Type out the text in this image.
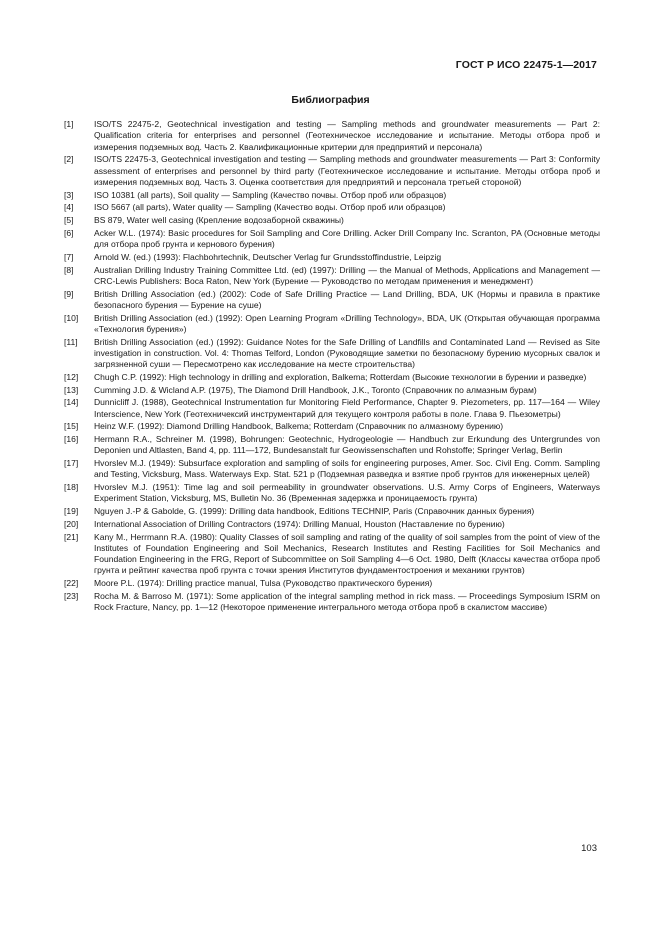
ГОСТ Р ИСО 22475-1—2017
Библиография
[1]	ISO/TS 22475-2, Geotechnical investigation and testing — Sampling methods and groundwater measurements — Part 2: Qualification criteria for enterprises and personnel (Геотехническое исследование и испытание. Методы отбора проб и измерения подземных вод. Часть 2. Квалификационные критерии для предприятий и персонала)
[2]	ISO/TS 22475-3, Geotechnical investigation and testing — Sampling methods and groundwater measurements — Part 3: Conformity assessment of enterprises and personnel by third party (Геотехническое исследование и испытание. Методы отбора проб и измерения подземных вод. Часть 3. Оценка соответствия для предприятий и персонала третьей стороной)
[3]	ISO 10381 (all parts), Soil quality — Sampling (Качество почвы. Отбор проб или образцов)
[4]	ISO 5667 (all parts), Water quality — Sampling (Качество воды. Отбор проб или образцов)
[5]	BS 879, Water well casing (Крепление водозаборной скважины)
[6]	Acker W.L. (1974): Basic procedures for Soil Sampling and Core Drilling. Acker Drill Company Inc. Scranton, PA (Основные методы для отбора проб грунта и кернового бурения)
[7]	Arnold W. (ed.) (1993): Flachbohrtechnik, Deutscher Verlag fur Grundsstoffindustrie, Leipzig
[8]	Australian Drilling Industry Training Committee Ltd. (ed) (1997): Drilling — the Manual of Methods, Applications and Management — CRC-Lewis Publishers: Boca Raton, New York (Бурение — Руководство по методам применения и менеджмент)
[9]	British Drilling Association (ed.) (2002): Code of Safe Drilling Practice — Land Drilling, BDA, UK (Нормы и правила в практике безопасного бурения — Бурение на суше)
[10]	British Drilling Association (ed.) (1992): Open Learning Program «Drilling Technology», BDA, UK (Открытая обучающая программа «Технология бурения»)
[11]	British Drilling Association (ed.) (1992): Guidance Notes for the Safe Drilling of Landfills and Contaminated Land — Revised as Site investigation in construction. Vol. 4: Thomas Telford, London (Руководящие заметки по безопасному бурению мусорных свалок и загрязненной суши — Пересмотрено как исследование на месте строительства)
[12]	Chugh C.P. (1992): High technology in drilling and exploration, Balkema; Rotterdam (Высокие технологии в бурении и разведке)
[13]	Cumming J.D. & Wicland A.P. (1975), The Diamond Drill Handbook, J.K., Toronto (Справочник по алмазным бурам)
[14]	Dunnicliff J. (1988), Geotechnical Instrumentation fur Monitoring Field Performance, Chapter 9. Piezometers, pp. 117—164 — Wiley Interscience, New York (Геотехничексий инструментарий для текущего контроля работы в поле. Глава 9. Пьезометры)
[15]	Heinz W.F. (1992): Diamond Drilling Handbook, Balkema; Rotterdam (Справочник по алмазному бурению)
[16]	Hermann R.A., Schreiner M. (1998), Bohrungen: Geotechnic, Hydrogeologie — Handbuch zur Erkundung des Untergrundes von Deponien und Altlasten, Band 4, pp. 111—172, Bundesanstalt fur Geowissenschaften und Rohstoffe; Springer Verlag, Berlin
[17]	Hvorslev M.J. (1949): Subsurface exploration and sampling of soils for engineering purposes, Amer. Soc. Civil Eng. Comm. Sampling and Testing, Vicksburg, Mass. Waterways Exp. Stat. 521 p (Подземная разведка и взятие проб грунтов для инженерных целей)
[18]	Hvorslev M.J. (1951): Time lag and soil permeability in groundwater observations. U.S. Army Corps of Engineers, Waterways Experiment Station, Vicksburg, MS, Bulletin No. 36 (Временная задержка и проницаемость грунта)
[19]	Nguyen J.-P & Gabolde, G. (1999): Drilling data handbook, Editions TECHNIP, Paris (Справочник данных бурения)
[20]	International Association of Drilling Contractors (1974): Drilling Manual, Houston (Наставление по бурению)
[21]	Kany M., Herrmann R.A. (1980): Quality Classes of soil sampling and rating of the quality of soil samples from the point of view of the Institutes of Foundation Engineering and Soil Mechanics, Research Institutes and Resting Facilities for Soil Mechanics and Foundation Engineering in the FRG, Report of Subcommittee on Soil Sampling 4—6 Oct. 1980, Delft (Классы качества отбора проб грунта и рейтинг качества проб грунта с точки зрения Институтов фундаментостроения и механики грунтов)
[22]	Moore P.L. (1974): Drilling practice manual, Tulsa (Руководство практического бурения)
[23]	Rocha M. & Barroso M. (1971): Some application of the integral sampling method in rick mass. — Proceedings Symposium ISRM on Rock Fracture, Nancy, pp. 1—12 (Некоторое применение интегрального метода отбора проб в скалистом массиве)
103
